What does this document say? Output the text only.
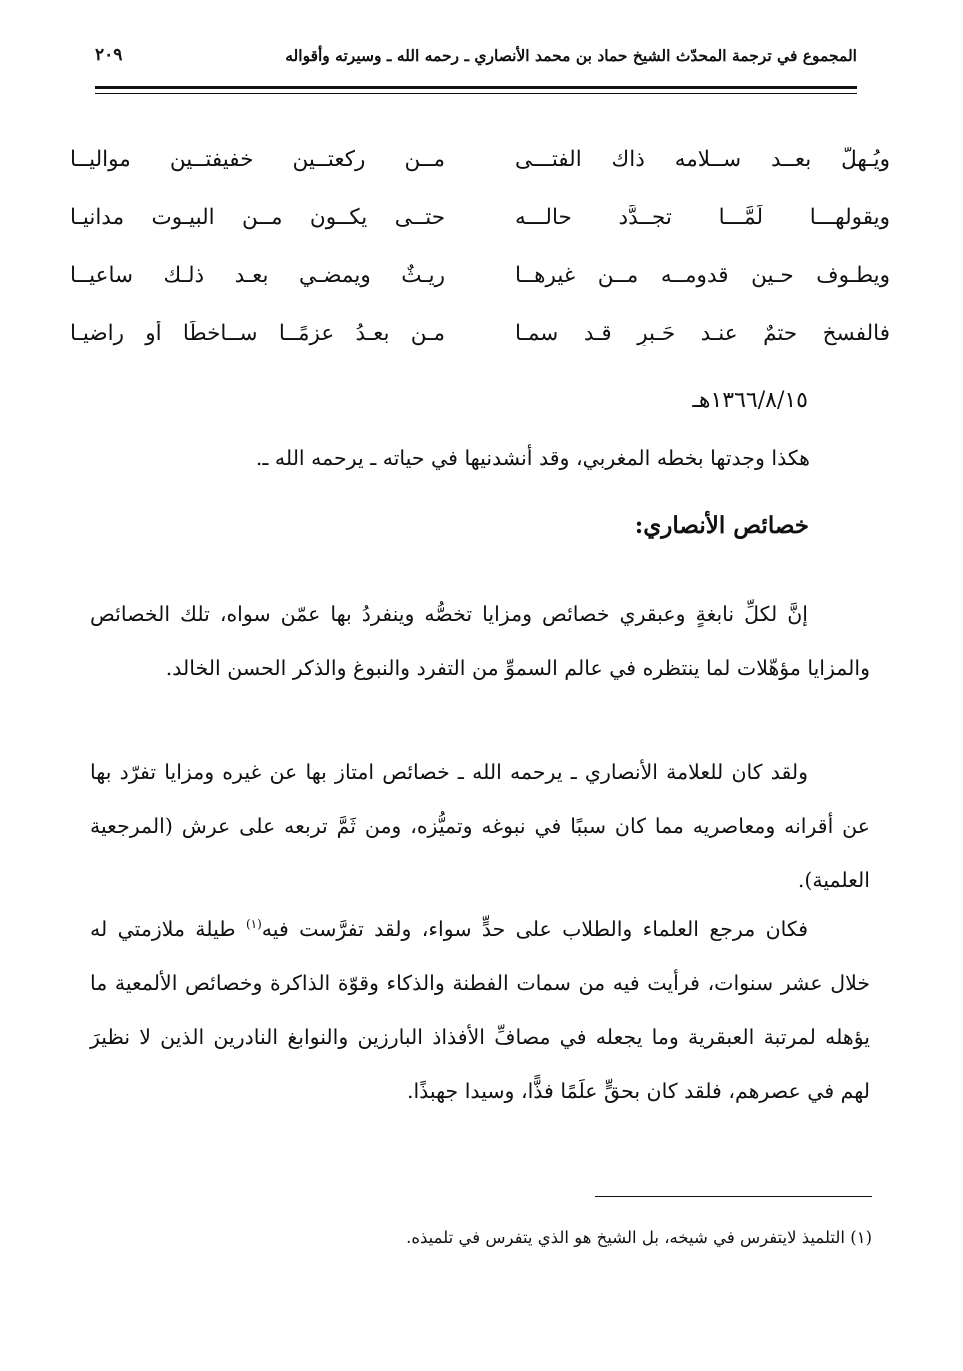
المجموع في ترجمة المحدّث الشيخ حماد بن محمد الأنصاري ـ رحمه الله ـ وسيرته وأقواله
٢٠٩
ويُـهلُّ بعــد ســلامه ذاك الفتـــى
مــن ركعتــين خفيفتــين مواليــا
ويقولهـــا لَمَّـــا تجــدَّد حالـــه
حتــى يكــون مــن البيـوت مدانيـا
ويطـوف حـين قدومــه مــن غيرهــا
ريـثٌ ويمضـي بعـد ذلـك ساعيــا
فالفسخ حتمٌ عنـد حَـبرٍ قـد سمـا
مـن بعـدُ عزمًــا ســاخطًا أو راضيـا
١٣٦٦/٨/١٥هـ
هكذا وجدتها بخطه المغربي، وقد أنشدنيها في حياته ـ يرحمه الله ـ.
خصائص الأنصاري:

إنَّ لكلِّ نابغةٍ وعبقري خصائص ومزايا تخصُّه وينفردُ بها عمّن سواه، تلك الخصائص والمزايا مؤهّلات لما ينتظره في عالم السموِّ من التفرد والنبوغ والذكر الحسن الخالد.

ولقد كان للعلامة الأنصاري ـ يرحمه الله ـ خصائص امتاز بها عن غيره ومزايا تفرّد بها عن أقرانه ومعاصريه مما كان سببًا في نبوغه وتميُّزه، ومن ثَمَّ تربعه على عرش (المرجعية العلمية).

فكان مرجع العلماء والطلاب على حدٍّ سواء، ولقد تفرَّست فيه$^{(١)}$ طيلة ملازمتي له خلال عشر سنوات، فرأيت فيه من سمات الفطنة والذكاء وقوّة الذاكرة وخصائص الألمعية ما يؤهله لمرتبة العبقرية وما يجعله في مصافِّ الأفذاذ البارزين والنوابغ النادرين الذين لا نظيرَ لهم في عصرهم، فلقد كان بحقٍّ علَمًا فذًّا، وسيدا جهبذًا.

(١) التلميذ لايتفرس في شيخه، بل الشيخ هو الذي يتفرس في تلميذه.
